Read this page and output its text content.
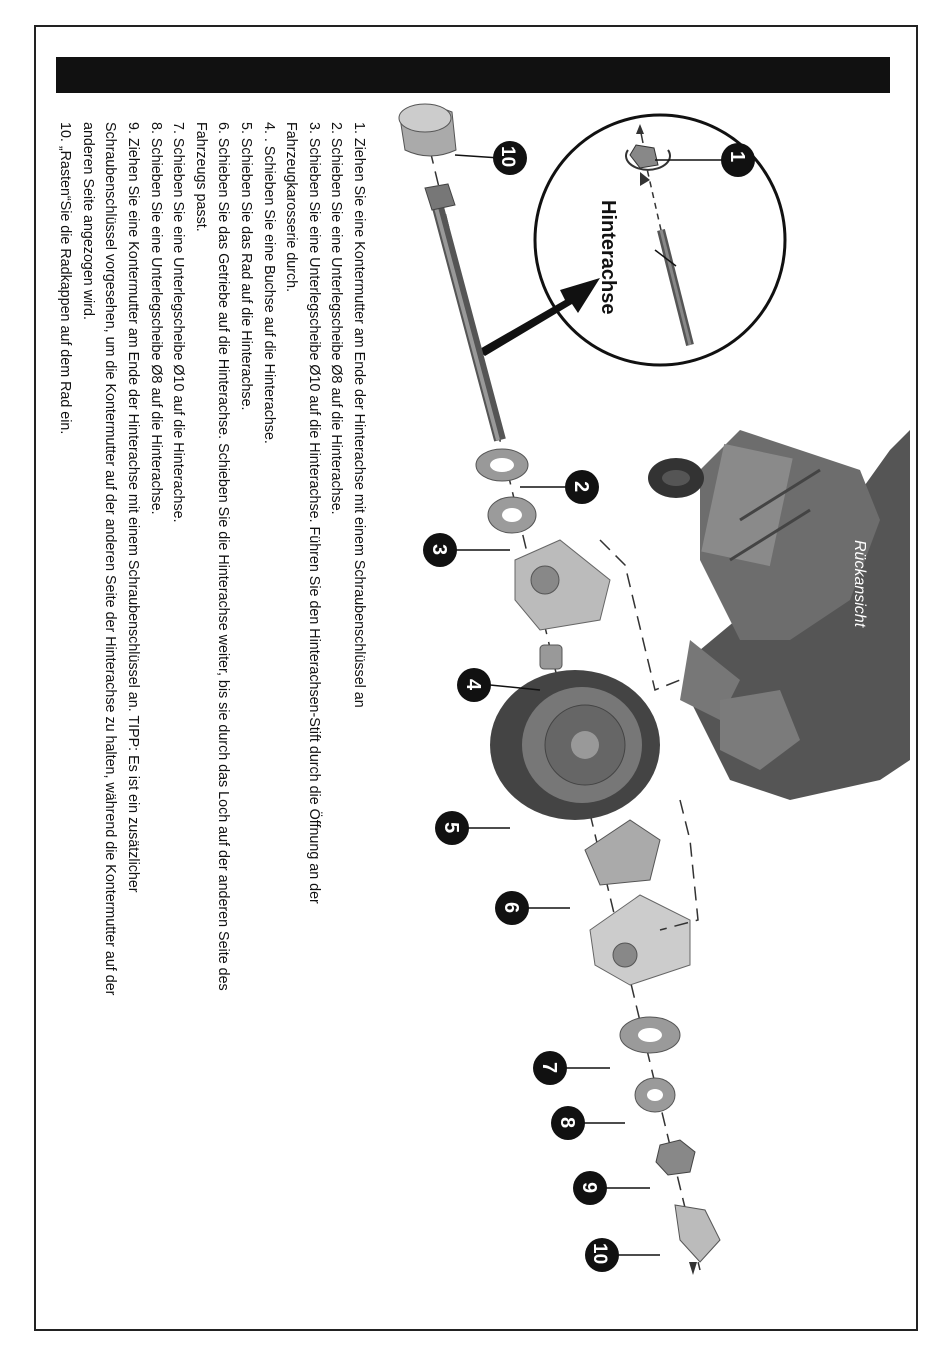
Rückansicht
Hinterachse
1
10
2
3
4
5
6
7
8
9
10

1. Ziehen Sie eine Kontermutter am Ende der Hinterachse mit einem Schraubenschlüssel an

2. Schieben Sie eine Unterlegscheibe Ø8 auf die Hinterachse.

3. Schieben Sie eine Unterlegscheibe Ø10 auf die Hinterachse. Führen Sie den Hinterachsen-Stift durch die Öffnung an der

Fahrzeugkarosserie durch.

4. . Schieben Sie eine Buchse auf die Hinterachse.

5. Schieben Sie das Rad auf die Hinterachse.

6. Schieben Sie das Getriebe auf die Hinterachse. Schieben Sie die Hinterachse weiter, bis sie durch das Loch auf der anderen Seite des

Fahrzeugs passt.

7. Schieben Sie eine Unterlegscheibe Ø10 auf die Hinterachse.

8. Schieben Sie eine Unterlegscheibe Ø8 auf die Hinterachse.

9. Ziehen Sie eine Kontermutter am Ende der Hinterachse mit einem Schraubenschlüssel an. TIPP: Es ist ein zusätzlicher

Schraubenschlüssel vorgesehen, um die Kontermutter auf der anderen Seite der Hinterachse zu halten, während die Kontermutter auf der

anderen Seite angezogen wird.

10. „Rasten“Sie die Radkappen auf dem Rad ein.
